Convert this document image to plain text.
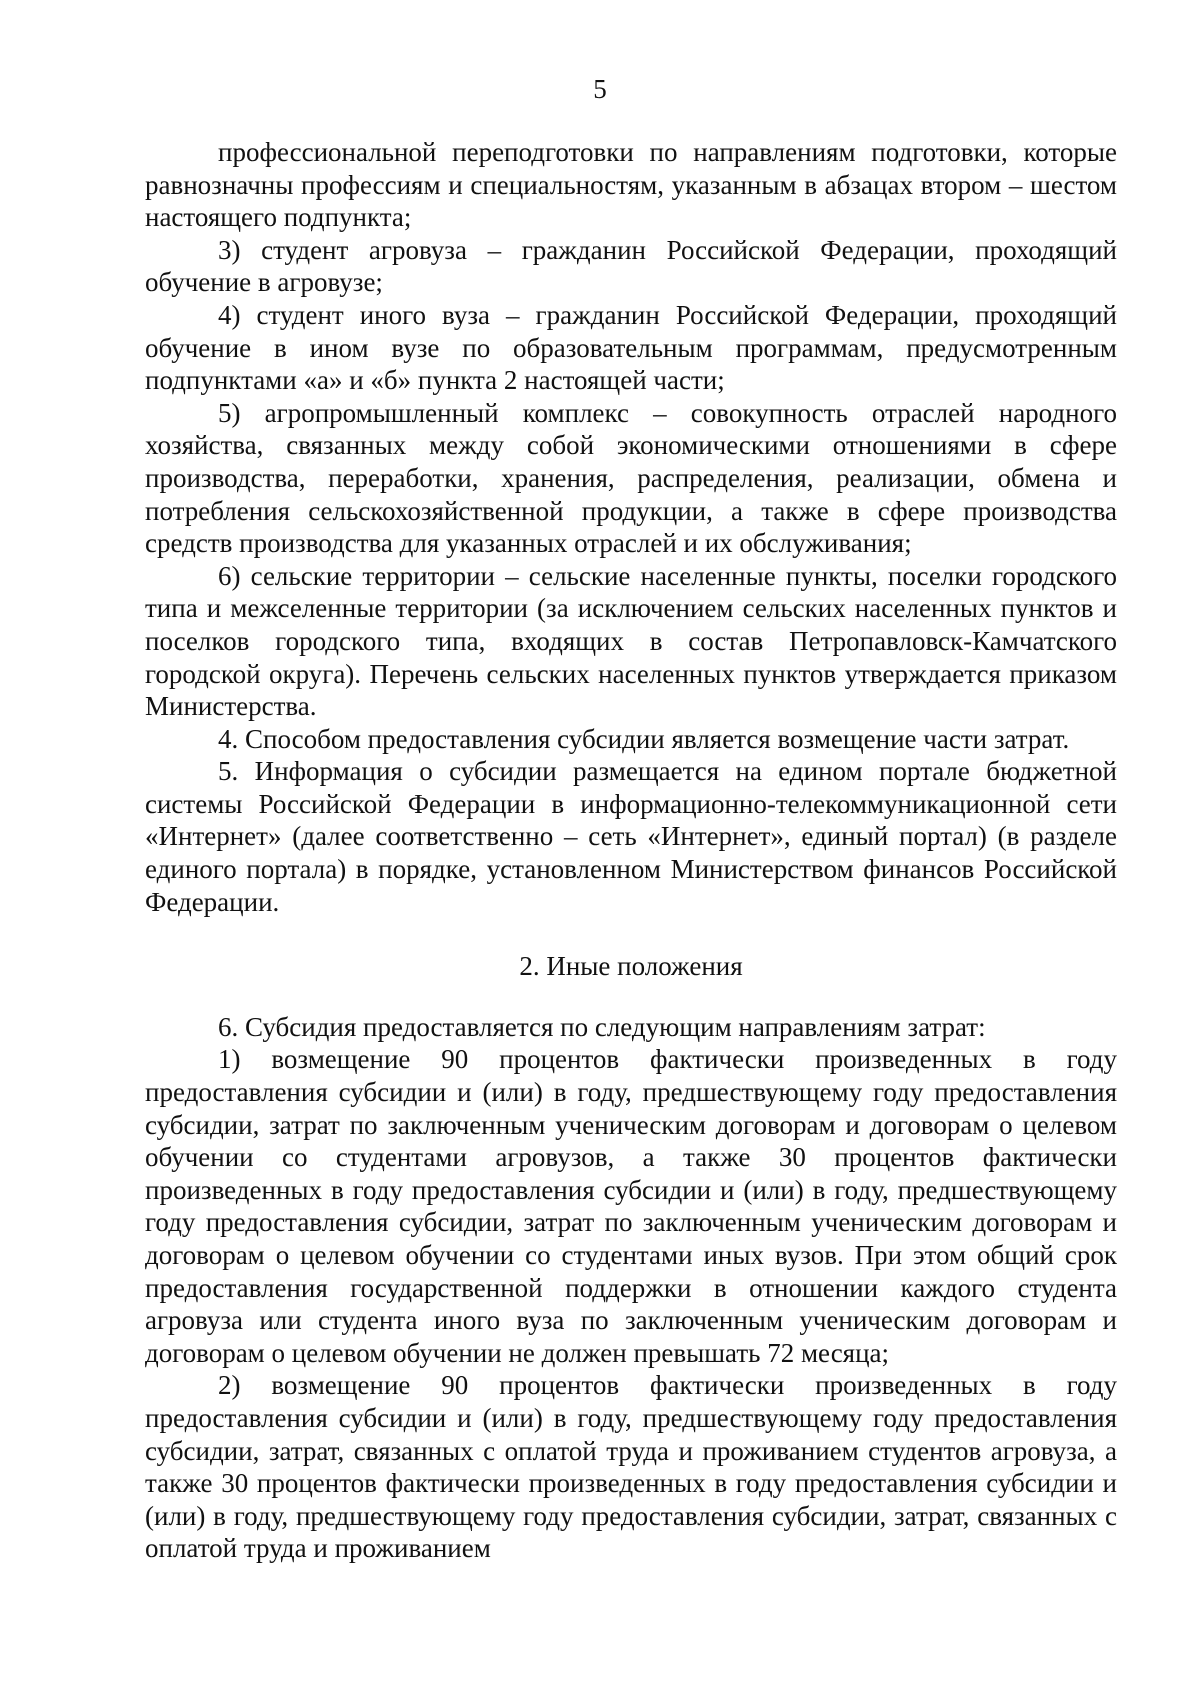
5

профессиональной переподготовки по направлениям подготовки, которые равнозначны профессиям и специальностям, указанным в абзацах втором – шестом настоящего подпункта;

3) студент агровуза – гражданин Российской Федерации, проходящий обучение в агровузе;

4) студент иного вуза – гражданин Российской Федерации, проходящий обучение в ином вузе по образовательным программам, предусмотренным подпунктами «а» и «б» пункта 2 настоящей части;

5) агропромышленный комплекс – совокупность отраслей народного хозяйства, связанных между собой экономическими отношениями в сфере производства, переработки, хранения, распределения, реализации, обмена и потребления сельскохозяйственной продукции, а также в сфере производства средств производства для указанных отраслей и их обслуживания;

6) сельские территории – сельские населенные пункты, поселки городского типа и межселенные территории (за исключением сельских населенных пунктов и поселков городского типа, входящих в состав Петропавловск-Камчатского городской округа). Перечень сельских населенных пунктов утверждается приказом Министерства.

4. Способом предоставления субсидии является возмещение части затрат.

5. Информация о субсидии размещается на едином портале бюджетной системы Российской Федерации в информационно-телекоммуникационной сети «Интернет» (далее соответственно – сеть «Интернет», единый портал) (в разделе единого портала) в порядке, установленном Министерством финансов Российской Федерации.

2. Иные положения

6. Субсидия предоставляется по следующим направлениям затрат:

1) возмещение 90 процентов фактически произведенных в году предоставления субсидии и (или) в году, предшествующему году предоставления субсидии, затрат по заключенным ученическим договорам и договорам о целевом обучении со студентами агровузов, а также 30 процентов фактически произведенных в году предоставления субсидии и (или) в году, предшествующему году предоставления субсидии, затрат по заключенным ученическим договорам и договорам о целевом обучении со студентами иных вузов. При этом общий срок предоставления государственной поддержки в отношении каждого студента агровуза или студента иного вуза по заключенным ученическим договорам и договорам о целевом обучении не должен превышать 72 месяца;

2) возмещение 90 процентов фактически произведенных в году предоставления субсидии и (или) в году, предшествующему году предоставления субсидии, затрат, связанных с оплатой труда и проживанием студентов агровуза, а также 30 процентов фактически произведенных в году предоставления субсидии и (или) в году, предшествующему году предоставления субсидии, затрат, связанных с оплатой труда и проживанием
